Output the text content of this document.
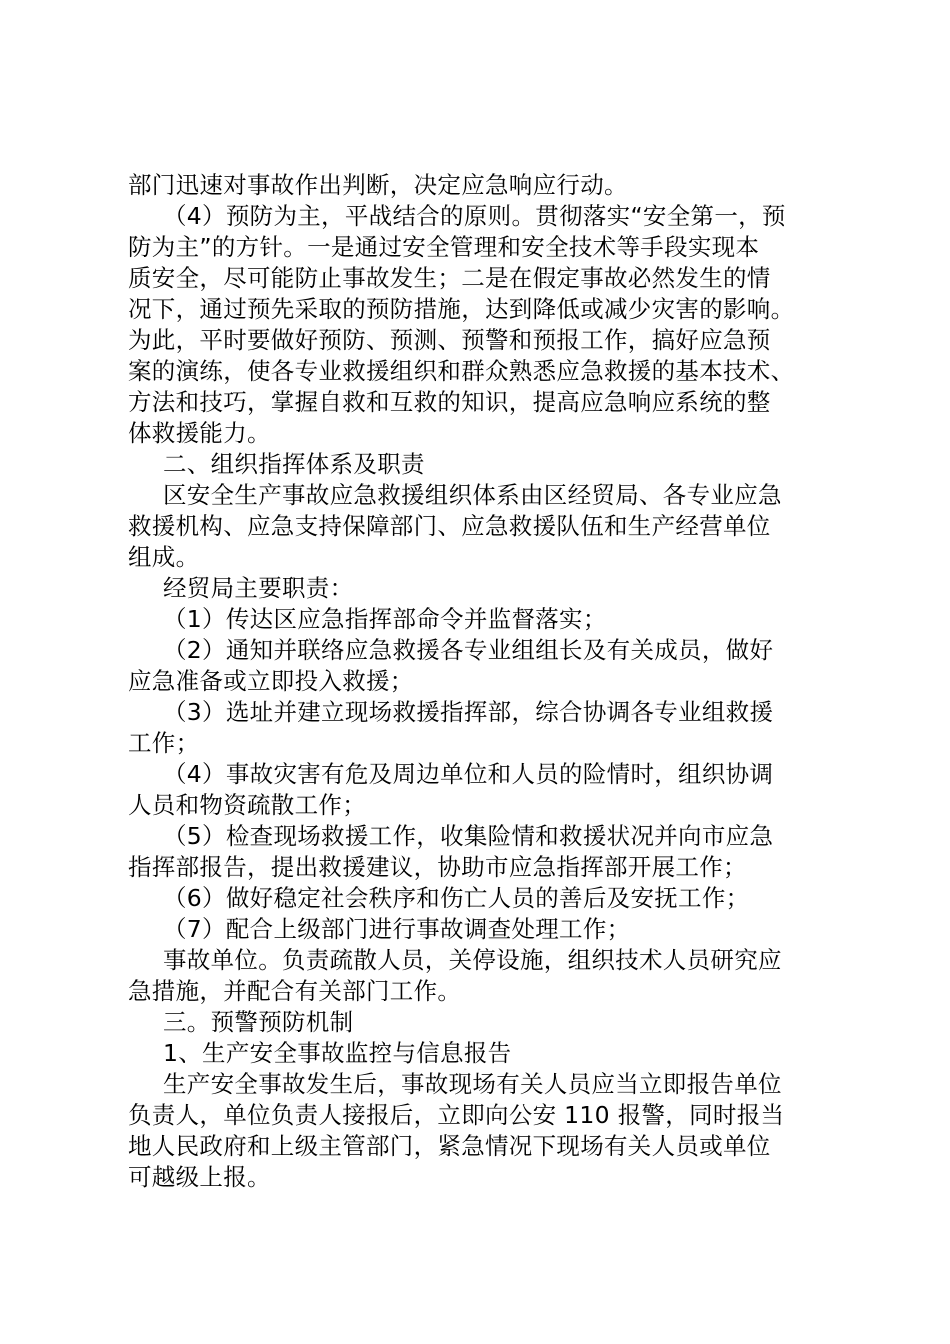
部门迅速对事故作出判断，决定应急响应行动。
（4）预防为主，平战结合的原则。贯彻落实“安全第一，预
防为主”的方针。一是通过安全管理和安全技术等手段实现本
质安全，尽可能防止事故发生；二是在假定事故必然发生的情
况下，通过预先采取的预防措施，达到降低或减少灾害的影响。
为此，平时要做好预防、预测、预警和预报工作，搞好应急预
案的演练，使各专业救援组织和群众熟悉应急救援的基本技术、
方法和技巧，掌握自救和互救的知识，提高应急响应系统的整
体救援能力。
二、组织指挥体系及职责
区安全生产事故应急救援组织体系由区经贸局、各专业应急
救援机构、应急支持保障部门、应急救援队伍和生产经营单位
组成。
经贸局主要职责：
（1）传达区应急指挥部命令并监督落实；
（2）通知并联络应急救援各专业组组长及有关成员，做好
应急准备或立即投入救援；
（3）选址并建立现场救援指挥部，综合协调各专业组救援
工作；
（4）事故灾害有危及周边单位和人员的险情时，组织协调
人员和物资疏散工作；
（5）检查现场救援工作，收集险情和救援状况并向市应急
指挥部报告，提出救援建议，协助市应急指挥部开展工作；
（6）做好稳定社会秩序和伤亡人员的善后及安抚工作；
（7）配合上级部门进行事故调查处理工作；
事故单位。负责疏散人员，关停设施，组织技术人员研究应
急措施，并配合有关部门工作。
三。预警预防机制
1、生产安全事故监控与信息报告
生产安全事故发生后，事故现场有关人员应当立即报告单位
负责人，单位负责人接报后，立即向公安 110 报警，同时报当
地人民政府和上级主管部门，紧急情况下现场有关人员或单位
可越级上报。
